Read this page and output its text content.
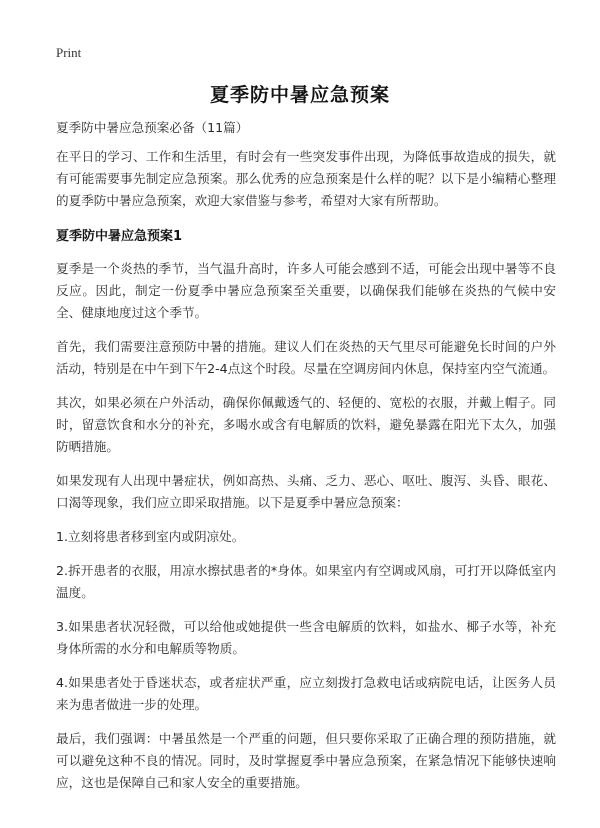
Print
夏季防中暑应急预案

夏季防中暑应急预案必备（11篇）

在平日的学习、工作和生活里，有时会有一些突发事件出现，为降低事故造成的损失，就有可能需要事先制定应急预案。那么优秀的应急预案是什么样的呢？以下是小编精心整理的夏季防中暑应急预案，欢迎大家借鉴与参考，希望对大家有所帮助。

夏季防中暑应急预案1

夏季是一个炎热的季节，当气温升高时，许多人可能会感到不适，可能会出现中暑等不良反应。因此，制定一份夏季中暑应急预案至关重要，以确保我们能够在炎热的气候中安全、健康地度过这个季节。

首先，我们需要注意预防中暑的措施。建议人们在炎热的天气里尽可能避免长时间的户外活动，特别是在中午到下午2-4点这个时段。尽量在空调房间内休息，保持室内空气流通。

其次，如果必须在户外活动，确保你佩戴透气的、轻便的、宽松的衣服，并戴上帽子。同时，留意饮食和水分的补充，多喝水或含有电解质的饮料，避免暴露在阳光下太久，加强防晒措施。

如果发现有人出现中暑症状，例如高热、头痛、乏力、恶心、呕吐、腹泻、头昏、眼花、口渴等现象，我们应立即采取措施。以下是夏季中暑应急预案：

1.立刻将患者移到室内或阴凉处。

2.拆开患者的衣服，用凉水擦拭患者的*身体。如果室内有空调或风扇，可打开以降低室内温度。

3.如果患者状况轻微，可以给他或她提供一些含电解质的饮料，如盐水、椰子水等，补充身体所需的水分和电解质等物质。

4.如果患者处于昏迷状态，或者症状严重，应立刻拨打急救电话或病院电话，让医务人员来为患者做进一步的处理。

最后，我们强调：中暑虽然是一个严重的问题，但只要你采取了正确合理的预防措施，就可以避免这种不良的情况。同时，及时掌握夏季中暑应急预案，在紧急情况下能够快速响应，这也是保障自己和家人安全的重要措施。
